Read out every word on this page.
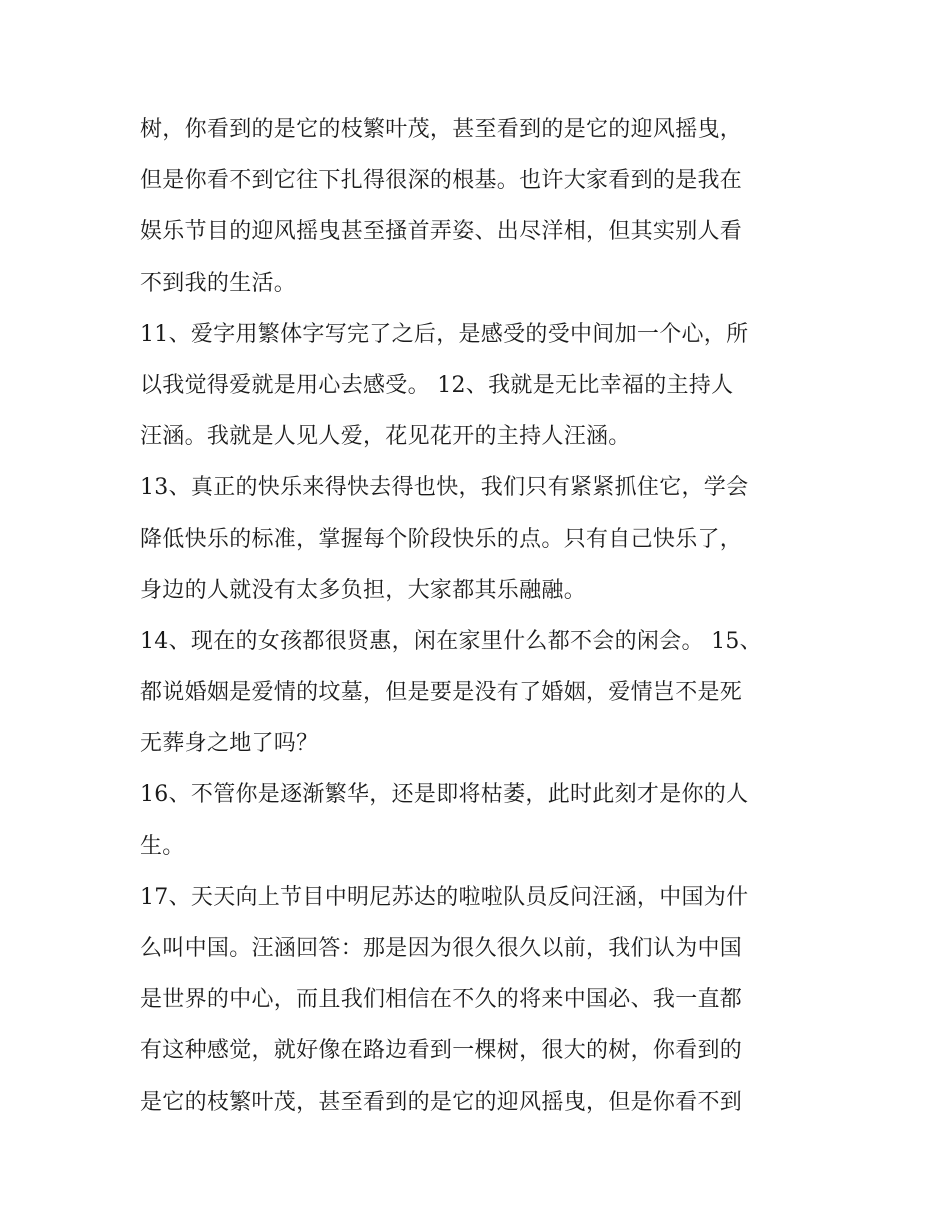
树，你看到的是它的枝繁叶茂，甚至看到的是它的迎风摇曳，
但是你看不到它往下扎得很深的根基。也许大家看到的是我在
娱乐节目的迎风摇曳甚至搔首弄姿、出尽洋相，但其实别人看
不到我的生活。
11、爱字用繁体字写完了之后，是感受的受中间加一个心，所
以我觉得爱就是用心去感受。 12、我就是无比幸福的主持人
汪涵。我就是人见人爱，花见花开的主持人汪涵。
13、真正的快乐来得快去得也快，我们只有紧紧抓住它，学会
降低快乐的标准，掌握每个阶段快乐的点。只有自己快乐了，
身边的人就没有太多负担，大家都其乐融融。
14、现在的女孩都很贤惠，闲在家里什么都不会的闲会。 15、
都说婚姻是爱情的坟墓，但是要是没有了婚姻，爱情岂不是死
无葬身之地了吗？
16、不管你是逐渐繁华，还是即将枯萎，此时此刻才是你的人
生。
17、天天向上节目中明尼苏达的啦啦队员反问汪涵，中国为什
么叫中国。汪涵回答：那是因为很久很久以前，我们认为中国
是世界的中心，而且我们相信在不久的将来中国必、我一直都
有这种感觉，就好像在路边看到一棵树，很大的树，你看到的
是它的枝繁叶茂，甚至看到的是它的迎风摇曳，但是你看不到
